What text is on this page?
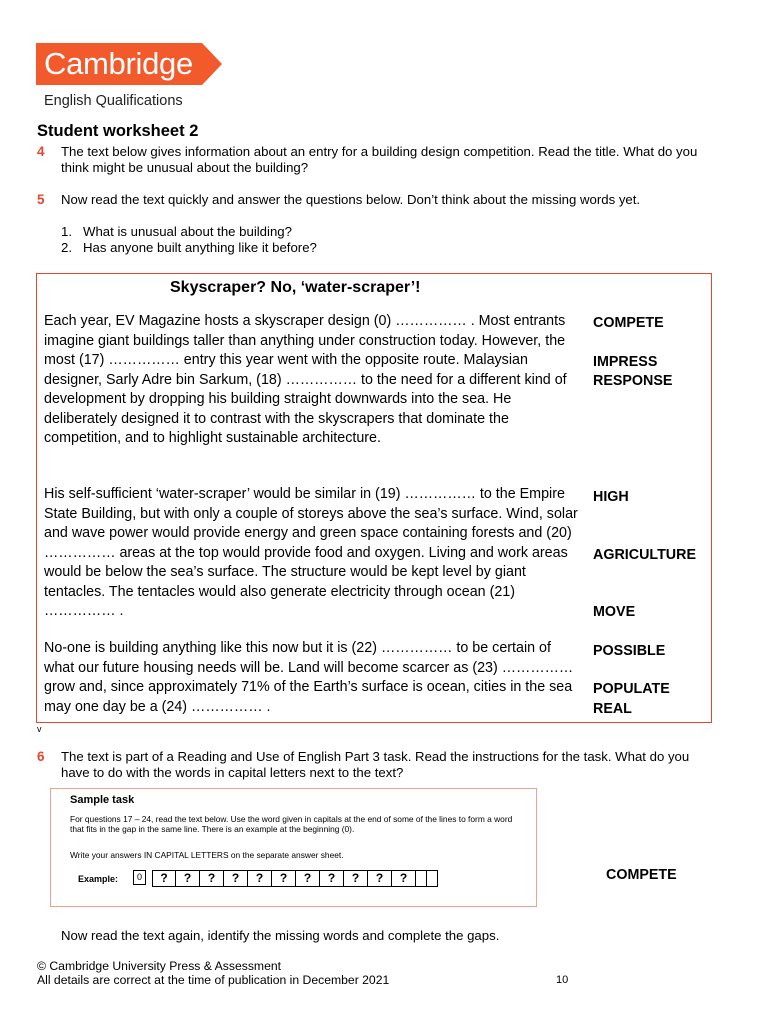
Cambridge
English Qualifications
Student worksheet 2
4 The text below gives information about an entry for a building design competition. Read the title. What do you think might be unusual about the building?
5 Now read the text quickly and answer the questions below. Don’t think about the missing words yet.
1. What is unusual about the building?
2. Has anyone built anything like it before?
Skyscraper? No, ‘water-scraper’!

Each year, EV Magazine hosts a skyscraper design (0) …………… . Most entrants imagine giant buildings taller than anything under construction today. However, the most (17) …………… entry this year went with the opposite route. Malaysian designer, Sarly Adre bin Sarkum, (18) …………… to the need for a different kind of development by dropping his building straight downwards into the sea. He deliberately designed it to contrast with the skyscrapers that dominate the competition, and to highlight sustainable architecture.

His self-sufficient ‘water-scraper’ would be similar in (19) …………… to the Empire State Building, but with only a couple of storeys above the sea’s surface. Wind, solar and wave power would provide energy and green space containing forests and (20) …………… areas at the top would provide food and oxygen. Living and work areas would be below the sea’s surface. The structure would be kept level by giant tentacles. The tentacles would also generate electricity through ocean (21) …………… .

No-one is building anything like this now but it is (22) …………… to be certain of what our future housing needs will be. Land will become scarcer as (23) …………… grow and, since approximately 71% of the Earth’s surface is ocean, cities in the sea may one day be a (24) …………… .

COMPETE
IMPRESS
RESPONSE
HIGH
AGRICULTURE
MOVE
POSSIBLE
POPULATE
REAL
v
6 The text is part of a Reading and Use of English Part 3 task. Read the instructions for the task. What do you have to do with the words in capital letters next to the text?
Sample task
For questions 17 – 24, read the text below. Use the word given in capitals at the end of some of the lines to form a word that fits in the gap in the same line. There is an example at the beginning (0).
Write your answers IN CAPITAL LETTERS on the separate answer sheet.
Example:	0	?	?	?	?	?	?	?	?	?	?	?	COMPETE
Now read the text again, identify the missing words and complete the gaps.
© Cambridge University Press & Assessment
All details are correct at the time of publication in December 2021	10
